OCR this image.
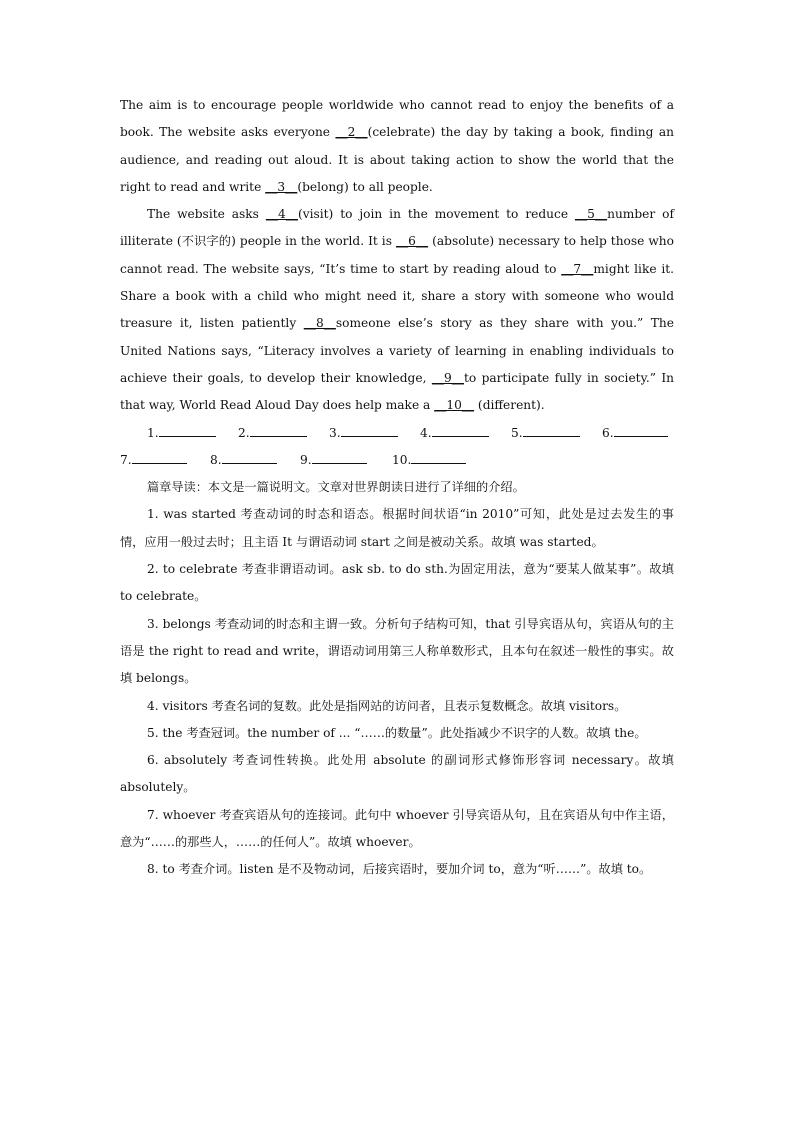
The aim is to encourage people worldwide who cannot read to enjoy the benefits of a book. The website asks everyone __2__(celebrate) the day by taking a book, finding an audience, and reading out aloud. It is about taking action to show the world that the right to read and write __3__(belong) to all people.

The website asks __4__(visit) to join in the movement to reduce __5__number of illiterate (不识字的) people in the world. It is __6__ (absolute) necessary to help those who cannot read. The website says, “It’s time to start by reading aloud to __7__might like it. Share a book with a child who might need it, share a story with someone who would treasure it, listen patiently __8__someone else’s story as they share with you.” The United Nations says, “Literacy involves a variety of learning in enabling individuals to achieve their goals, to develop their knowledge, __9__to participate fully in society.” In that way, World Read Aloud Day does help make a __10__ (different).

1.	2.	3.	4.	5.	6.
7.	8.	9.	10.

篇章导读：本文是一篇说明文。文章对世界朗读日进行了详细的介绍。

1. was started 考查动词的时态和语态。根据时间状语“in 2010”可知，此处是过去发生的事情，应用一般过去时；且主语 It 与谓语动词 start 之间是被动关系。故填 was started。

2. to celebrate 考查非谓语动词。ask sb. to do sth.为固定用法，意为“要某人做某事”。故填 to celebrate。

3. belongs 考查动词的时态和主谓一致。分析句子结构可知，that 引导宾语从句，宾语从句的主语是 the right to read and write，谓语动词用第三人称单数形式，且本句在叙述一般性的事实。故填 belongs。

4. visitors 考查名词的复数。此处是指网站的访问者，且表示复数概念。故填 visitors。

5. the 考查冠词。the number of ... “……的数量”。此处指减少不识字的人数。故填 the。

6. absolutely 考查词性转换。此处用 absolute 的副词形式修饰形容词 necessary。故填 absolutely。

7. whoever 考查宾语从句的连接词。此句中 whoever 引导宾语从句，且在宾语从句中作主语，意为“……的那些人，……的任何人”。故填 whoever。

8. to 考查介词。listen 是不及物动词，后接宾语时，要加介词 to，意为“听……”。故填 to。
